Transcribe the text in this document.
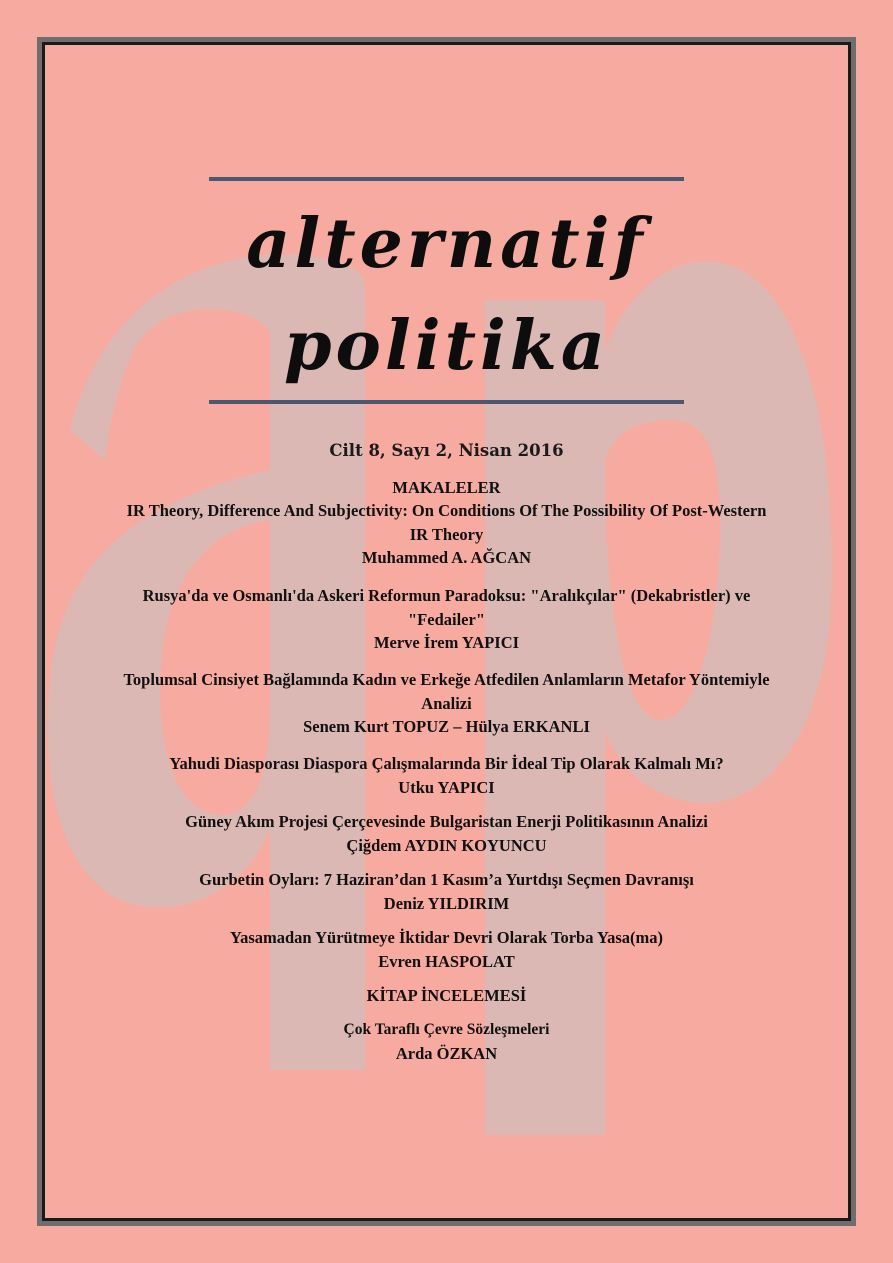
alternatif
politika
Cilt 8, Sayı 2, Nisan 2016
MAKALELER
IR Theory, Difference And Subjectivity: On Conditions Of The Possibility Of Post-Western IR Theory
Muhammed A. AĞCAN
Rusya'da ve Osmanlı'da Askeri Reformun Paradoksu: "Aralıkçılar" (Dekabristler) ve "Fedailer"
Merve İrem YAPICI
Toplumsal Cinsiyet Bağlamında Kadın ve Erkeğe Atfedilen Anlamların Metafor Yöntemiyle Analizi
Senem Kurt TOPUZ – Hülya ERKANLI
Yahudi Diasporası Diaspora Çalışmalarında Bir İdeal Tip Olarak Kalmalı Mı?
Utku YAPICI
Güney Akım Projesi Çerçevesinde Bulgaristan Enerji Politikasının Analizi
Çiğdem AYDIN KOYUNCU
Gurbetin Oyları: 7 Haziran’dan 1 Kasım’a Yurtdışı Seçmen Davranışı
Deniz YILDIRIM
Yasamadan Yürütmeye İktidar Devri Olarak Torba Yasa(ma)
Evren HASPOLAT
KİTAP İNCELEMESİ
Çok Taraflı Çevre Sözleşmeleri
Arda ÖZKAN
